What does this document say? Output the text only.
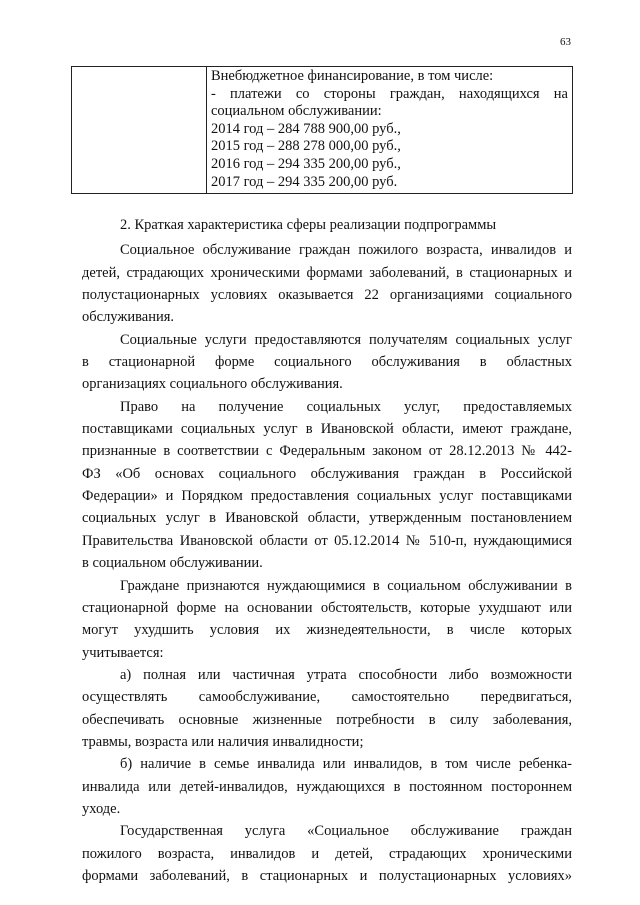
63

Внебюджетное финансирование, в том числе:
- платежи со стороны граждан, находящихся на
социальном обслуживании:
2014 год – 284 788 900,00 руб.,
2015 год – 288 278 000,00 руб.,
2016 год – 294 335 200,00 руб.,
2017 год – 294 335 200,00 руб.
2. Краткая характеристика сферы реализации подпрограммы
Социальное обслуживание граждан пожилого возраста, инвалидов и
детей, страдающих хроническими формами заболеваний, в стационарных и
полустационарных условиях оказывается 22 организациями социального
обслуживания.
Социальные услуги предоставляются получателям социальных услуг
в стационарной форме социального обслуживания в областных
организациях социального обслуживания.
Право на получение социальных услуг, предоставляемых
поставщиками социальных услуг в Ивановской области, имеют граждане,
признанные в соответствии с Федеральным законом от 28.12.2013 № 442-
ФЗ «Об основах социального обслуживания граждан в Российской
Федерации» и Порядком предоставления социальных услуг поставщиками
социальных услуг в Ивановской области, утвержденным постановлением
Правительства Ивановской области от 05.12.2014 № 510-п, нуждающимися
в социальном обслуживании.
Граждане признаются нуждающимися в социальном обслуживании в
стационарной форме на основании обстоятельств, которые ухудшают или
могут ухудшить условия их жизнедеятельности, в числе которых
учитывается:
а) полная или частичная утрата способности либо возможности
осуществлять самообслуживание, самостоятельно передвигаться,
обеспечивать основные жизненные потребности в силу заболевания,
травмы, возраста или наличия инвалидности;
б) наличие в семье инвалида или инвалидов, в том числе ребенка-
инвалида или детей-инвалидов, нуждающихся в постоянном постороннем
уходе.
Государственная услуга «Социальное обслуживание граждан
пожилого возраста, инвалидов и детей, страдающих хроническими
формами заболеваний, в стационарных и полустационарных условиях»
